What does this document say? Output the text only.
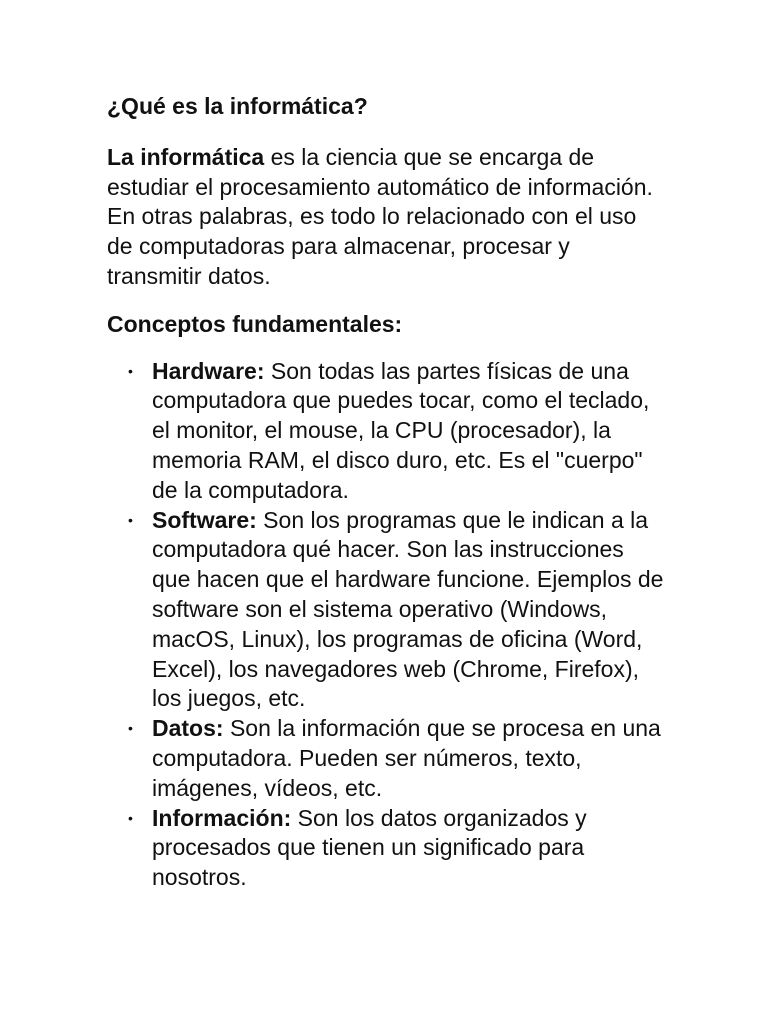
¿Qué es la informática?

La informática es la ciencia que se encarga de estudiar el procesamiento automático de información. En otras palabras, es todo lo relacionado con el uso de computadoras para almacenar, procesar y transmitir datos.

Conceptos fundamentales:
• Hardware: Son todas las partes físicas de una computadora que puedes tocar, como el teclado, el monitor, el mouse, la CPU (procesador), la memoria RAM, el disco duro, etc. Es el "cuerpo" de la computadora.
• Software: Son los programas que le indican a la computadora qué hacer. Son las instrucciones que hacen que el hardware funcione. Ejemplos de software son el sistema operativo (Windows, macOS, Linux), los programas de oficina (Word, Excel), los navegadores web (Chrome, Firefox), los juegos, etc.
• Datos: Son la información que se procesa en una computadora. Pueden ser números, texto, imágenes, vídeos, etc.
• Información: Son los datos organizados y procesados que tienen un significado para nosotros.
